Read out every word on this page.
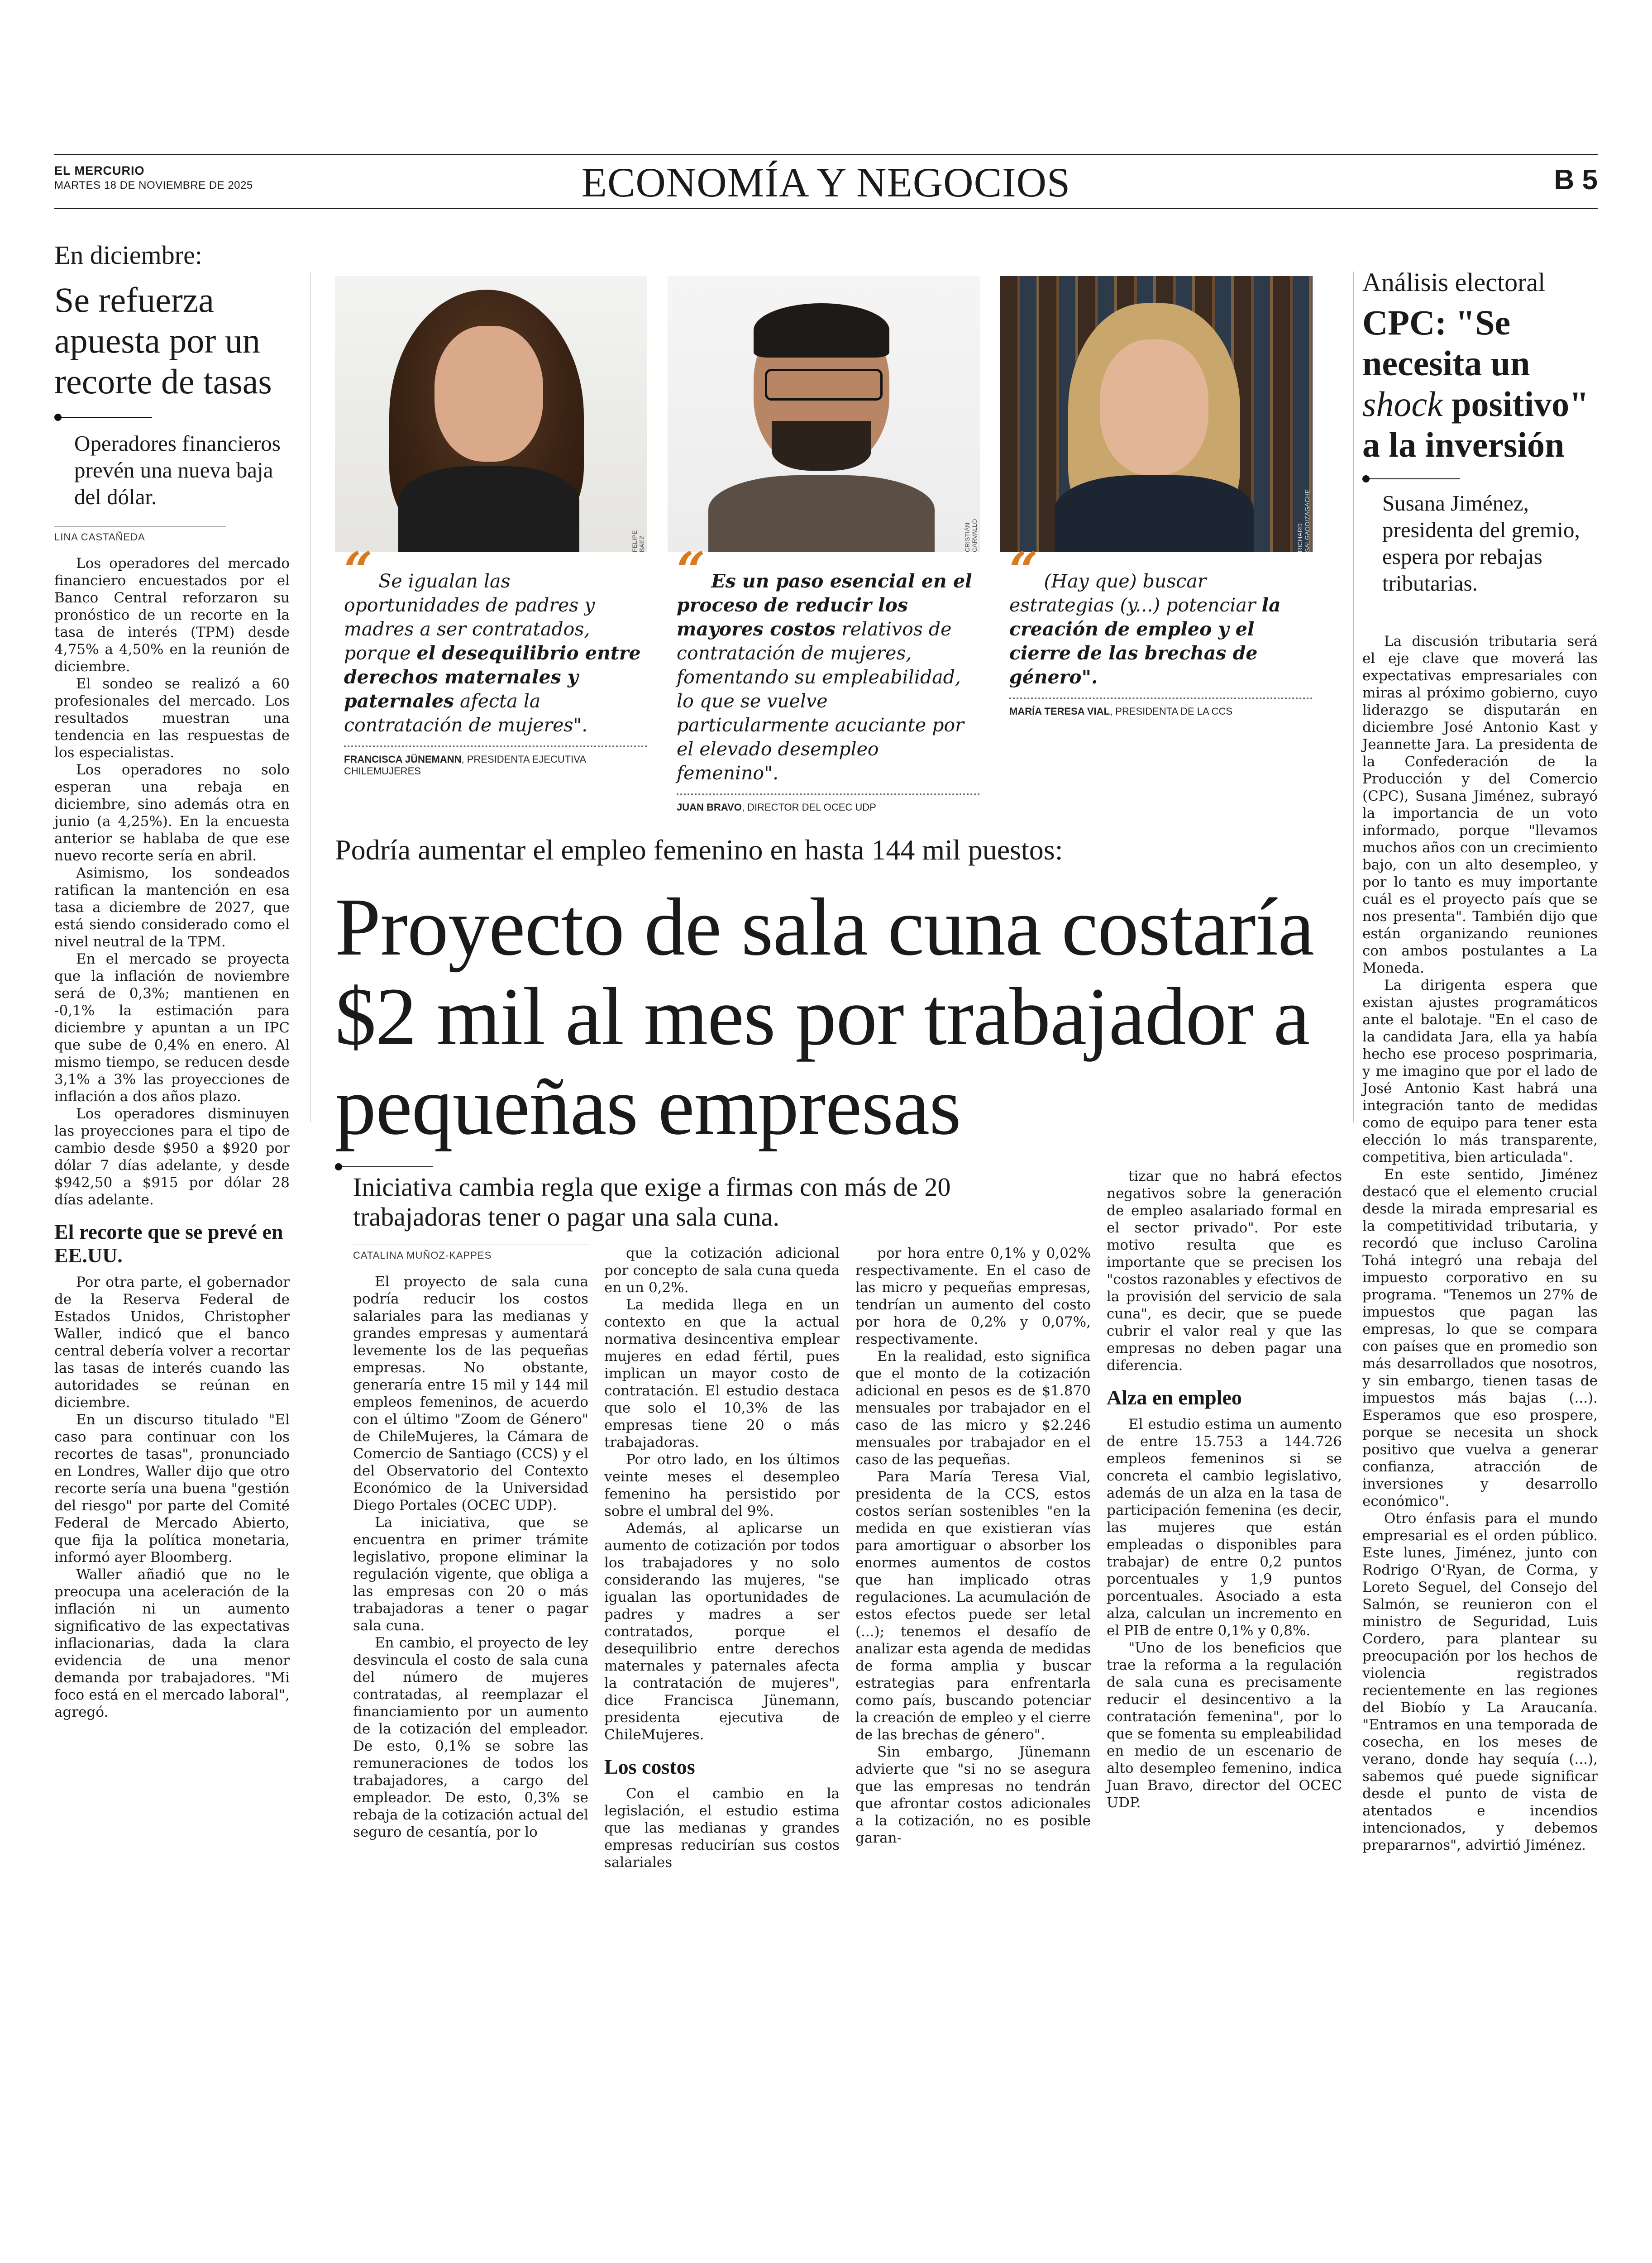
EL MERCURIO
MARTES 18 DE NOVIEMBRE DE 2025	ECONOMÍA Y NEGOCIOS	B 5
En diciembre:
Se refuerza apuesta por un recorte de tasas
Operadores financieros prevén una nueva baja del dólar.
LINA CASTAÑEDA

Los operadores del mercado financiero encuestados por el Banco Central reforzaron su pronóstico de un recorte en la tasa de interés (TPM) desde 4,75% a 4,50% en la reunión de diciembre.

El sondeo se realizó a 60 profesionales del mercado. Los resultados muestran una tendencia en las respuestas de los especialistas.

Los operadores no solo esperan una rebaja en diciembre, sino además otra en junio (a 4,25%). En la encuesta anterior se hablaba de que ese nuevo recorte sería en abril.

Asimismo, los sondeados ratifican la mantención en esa tasa a diciembre de 2027, que está siendo considerado como el nivel neutral de la TPM.

En el mercado se proyecta que la inflación de noviembre será de 0,3%; mantienen en -0,1% la estimación para diciembre y apuntan a un IPC que sube de 0,4% en enero. Al mismo tiempo, se reducen desde 3,1% a 3% las proyecciones de inflación a dos años plazo.

Los operadores disminuyen las proyecciones para el tipo de cambio desde $950 a $920 por dólar 7 días adelante, y desde $942,50 a $915 por dólar 28 días adelante.

El recorte que se prevé en EE.UU.

Por otra parte, el gobernador de la Reserva Federal de Estados Unidos, Christopher Waller, indicó que el banco central debería volver a recortar las tasas de interés cuando las autoridades se reúnan en diciembre.

En un discurso titulado "El caso para continuar con los recortes de tasas", pronunciado en Londres, Waller dijo que otro recorte sería una buena "gestión del riesgo" por parte del Comité Federal de Mercado Abierto, que fija la política monetaria, informó ayer Bloomberg.

Waller añadió que no le preocupa una aceleración de la inflación ni un aumento significativo de las expectativas inflacionarias, dada la clara evidencia de una menor demanda por trabajadores. "Mi foco está en el mercado laboral", agregó.

FELIPE BÁEZ	CRISTIÁN CARVALLO	RICHARD SALGADO/ZAGACHE
“ Se igualan las oportunidades de padres y madres a ser contratados, porque el desequilibrio entre derechos maternales y paternales afecta la contratación de mujeres".
FRANCISCA JÜNEMANN, PRESIDENTA EJECUTIVA CHILEMUJERES
“ Es un paso esencial en el proceso de reducir los mayores costos relativos de contratación de mujeres, fomentando su empleabilidad, lo que se vuelve particularmente acuciante por el elevado desempleo femenino".
JUAN BRAVO, DIRECTOR DEL OCEC UDP
“ (Hay que) buscar estrategias (y...) potenciar la creación de empleo y el cierre de las brechas de género".
MARÍA TERESA VIAL, PRESIDENTA DE LA CCS
Podría aumentar el empleo femenino en hasta 144 mil puestos:
Proyecto de sala cuna costaría $2 mil al mes por trabajador a pequeñas empresas
Iniciativa cambia regla que exige a firmas con más de 20 trabajadoras tener o pagar una sala cuna.
CATALINA MUÑOZ-KAPPES

El proyecto de sala cuna podría reducir los costos salariales para las medianas y grandes empresas y aumentará levemente los de las pequeñas empresas. No obstante, generaría entre 15 mil y 144 mil empleos femeninos, de acuerdo con el último "Zoom de Género" de ChileMujeres, la Cámara de Comercio de Santiago (CCS) y el del Observatorio del Contexto Económico de la Universidad Diego Portales (OCEC UDP).

La iniciativa, que se encuentra en primer trámite legislativo, propone eliminar la regulación vigente, que obliga a las empresas con 20 o más trabajadoras a tener o pagar sala cuna.

En cambio, el proyecto de ley desvincula el costo de sala cuna del número de mujeres contratadas, al reemplazar el financiamiento por un aumento de la cotización del empleador. De esto, 0,1% se sobre las remuneraciones de todos los trabajadores, a cargo del empleador. De esto, 0,3% se rebaja de la cotización actual del seguro de cesantía, por lo

que la cotización adicional por concepto de sala cuna queda en un 0,2%.

La medida llega en un contexto en que la actual normativa desincentiva emplear mujeres en edad fértil, pues implican un mayor costo de contratación. El estudio destaca que solo el 10,3% de las empresas tiene 20 o más trabajadoras.

Por otro lado, en los últimos veinte meses el desempleo femenino ha persistido por sobre el umbral del 9%.

Además, al aplicarse un aumento de cotización por todos los trabajadores y no solo considerando las mujeres, "se igualan las oportunidades de padres y madres a ser contratados, porque el desequilibrio entre derechos maternales y paternales afecta la contratación de mujeres", dice Francisca Jünemann, presidenta ejecutiva de ChileMujeres.

Los costos

Con el cambio en la legislación, el estudio estima que las medianas y grandes empresas reducirían sus costos salariales

por hora entre 0,1% y 0,02% respectivamente. En el caso de las micro y pequeñas empresas, tendrían un aumento del costo por hora de 0,2% y 0,07%, respectivamente.

En la realidad, esto significa que el monto de la cotización adicional en pesos es de $1.870 mensuales por trabajador en el caso de las micro y $2.246 mensuales por trabajador en el caso de las pequeñas.

Para María Teresa Vial, presidenta de la CCS, estos costos serían sostenibles "en la medida en que existieran vías para amortiguar o absorber los enormes aumentos de costos que han implicado otras regulaciones. La acumulación de estos efectos puede ser letal (...); tenemos el desafío de analizar esta agenda de medidas de forma amplia y buscar estrategias para enfrentarla como país, buscando potenciar la creación de empleo y el cierre de las brechas de género".

Sin embargo, Jünemann advierte que "si no se asegura que las empresas no tendrán que afrontar costos adicionales a la cotización, no es posible garan-

tizar que no habrá efectos negativos sobre la generación de empleo asalariado formal en el sector privado". Por este motivo resulta que es importante que se precisen los "costos razonables y efectivos de la provisión del servicio de sala cuna", es decir, que se puede cubrir el valor real y que las empresas no deben pagar una diferencia.

Alza en empleo

El estudio estima un aumento de entre 15.753 a 144.726 empleos femeninos si se concreta el cambio legislativo, además de un alza en la tasa de participación femenina (es decir, las mujeres que están empleadas o disponibles para trabajar) de entre 0,2 puntos porcentuales y 1,9 puntos porcentuales. Asociado a esta alza, calculan un incremento en el PIB de entre 0,1% y 0,8%.

"Uno de los beneficios que trae la reforma a la regulación de sala cuna es precisamente reducir el desincentivo a la contratación femenina", por lo que se fomenta su empleabilidad en medio de un escenario de alto desempleo femenino, indica Juan Bravo, director del OCEC UDP.

Análisis electoral
CPC: "Se necesita un shock positivo" a la inversión
Susana Jiménez, presidenta del gremio, espera por rebajas tributarias.

La discusión tributaria será el eje clave que moverá las expectativas empresariales con miras al próximo gobierno, cuyo liderazgo se disputarán en diciembre José Antonio Kast y Jeannette Jara. La presidenta de la Confederación de la Producción y del Comercio (CPC), Susana Jiménez, subrayó la importancia de un voto informado, porque "llevamos muchos años con un crecimiento bajo, con un alto desempleo, y por lo tanto es muy importante cuál es el proyecto país que se nos presenta". También dijo que están organizando reuniones con ambos postulantes a La Moneda.

La dirigenta espera que existan ajustes programáticos ante el balotaje. "En el caso de la candidata Jara, ella ya había hecho ese proceso posprimaria, y me imagino que por el lado de José Antonio Kast habrá una integración tanto de medidas como de equipo para tener esta elección lo más transparente, competitiva, bien articulada".

En este sentido, Jiménez destacó que el elemento crucial desde la mirada empresarial es la competitividad tributaria, y recordó que incluso Carolina Tohá integró una rebaja del impuesto corporativo en su programa. "Tenemos un 27% de impuestos que pagan las empresas, lo que se compara con países que en promedio son más desarrollados que nosotros, y sin embargo, tienen tasas de impuestos más bajas (...). Esperamos que eso prospere, porque se necesita un shock positivo que vuelva a generar confianza, atracción de inversiones y desarrollo económico".

Otro énfasis para el mundo empresarial es el orden público. Este lunes, Jiménez, junto con Rodrigo O'Ryan, de Corma, y Loreto Seguel, del Consejo del Salmón, se reunieron con el ministro de Seguridad, Luis Cordero, para plantear su preocupación por los hechos de violencia registrados recientemente en las regiones del Biobío y La Araucanía. "Entramos en una temporada de cosecha, en los meses de verano, donde hay sequía (...), sabemos qué puede significar desde el punto de vista de atentados e incendios intencionados, y debemos prepararnos", advirtió Jiménez.
